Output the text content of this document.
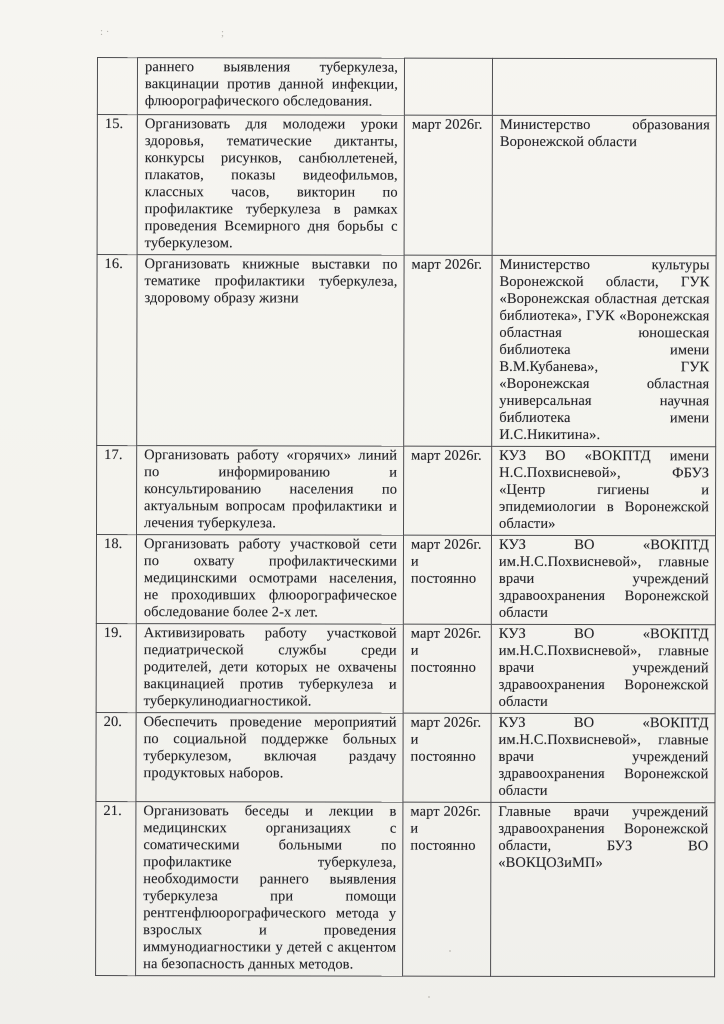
: ·	;
	раннего выявления туберкулеза, вакцинации против данной инфекции, флюорографического обследования.		
15.	Организовать для молодежи уроки здоровья, тематические диктанты, конкурсы рисунков, санбюллетеней, плакатов, показы видеофильмов, классных часов, викторин по профилактике туберкулеза в рамках проведения Всемирного дня борьбы с туберкулезом.	март 2026г.	Министерство образования Воронежской области
16.	Организовать книжные выставки по тематике профилактики туберкулеза, здоровому образу жизни	март 2026г.	Министерство культуры Воронежской области, ГУК «Воронежская областная детская библиотека», ГУК «Воронежская областная юношеская библиотека имени В.М.Кубанева», ГУК «Воронежская областная универсальная научная библиотека имени И.С.Никитина».
17.	Организовать работу «горячих» линий по информированию и консультированию населения по актуальным вопросам профилактики и лечения туберкулеза.	март 2026г.	КУЗ ВО «ВОКПТД имени Н.С.Похвисневой», ФБУЗ «Центр гигиены и эпидемиологии в Воронежской области»
18.	Организовать работу участковой сети по охвату профилактическими медицинскими осмотрами населения, не проходивших флюорографическое обследование более 2-х лет.	март 2026г. и постоянно	КУЗ ВО «ВОКПТД им.Н.С.Похвисневой», главные врачи учреждений здравоохранения Воронежской области
19.	Активизировать работу участковой педиатрической службы среди родителей, дети которых не охвачены вакцинацией против туберкулеза и туберкулинодиагностикой.	март 2026г. и постоянно	КУЗ ВО «ВОКПТД им.Н.С.Похвисневой», главные врачи учреждений здравоохранения Воронежской области
20.	Обеспечить проведение мероприятий по социальной поддержке больных туберкулезом, включая раздачу продуктовых наборов.	март 2026г. и постоянно	КУЗ ВО «ВОКПТД им.Н.С.Похвисневой», главные врачи учреждений здравоохранения Воронежской области
21.	Организовать беседы и лекции в медицинских организациях с соматическими больными по профилактике туберкулеза, необходимости раннего выявления туберкулеза при помощи рентгенфлюорографического метода у взрослых и проведения иммунодиагностики у детей с акцентом на безопасность данных методов.	март 2026г. и постоянно	Главные врачи учреждений здравоохранения Воронежской области, БУЗ ВО «ВОКЦОЗиМП»
